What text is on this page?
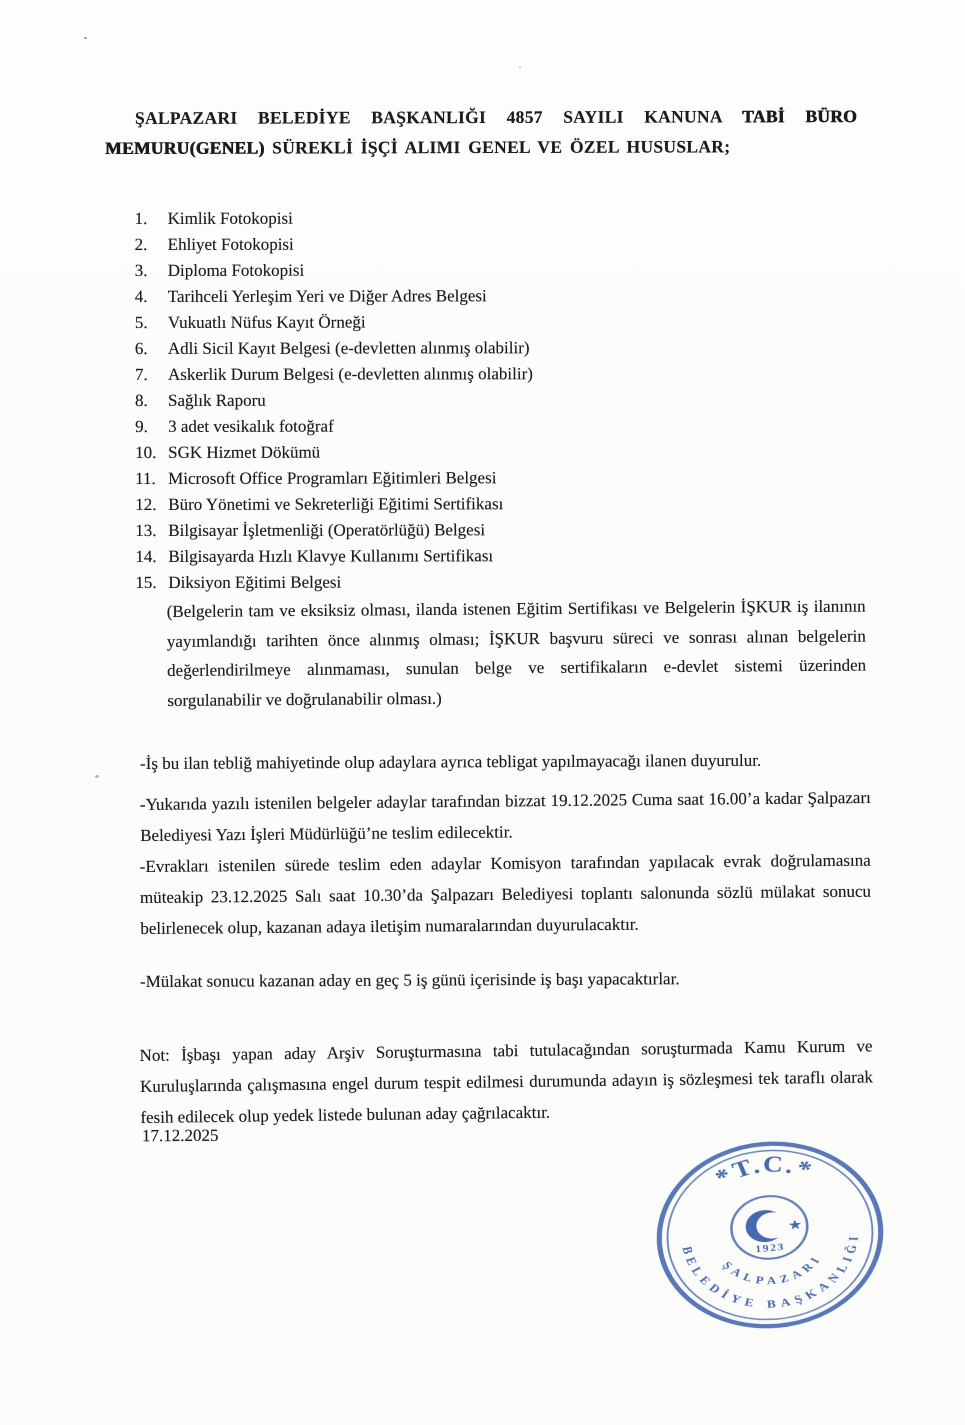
ŞALPAZARI BELEDİYE BAŞKANLIĞI 4857 SAYILI KANUNA TABİ BÜRO MEMURU(GENEL) SÜREKLİ İŞÇİ ALIMI GENEL VE ÖZEL HUSUSLAR;
1.	Kimlik Fotokopisi
2.	Ehliyet Fotokopisi
3.	Diploma Fotokopisi
4.	Tarihceli Yerleşim Yeri ve Diğer Adres Belgesi
5.	Vukuatlı Nüfus Kayıt Örneği
6.	Adli Sicil Kayıt Belgesi (e-devletten alınmış olabilir)
7.	Askerlik Durum Belgesi (e-devletten alınmış olabilir)
8.	Sağlık Raporu
9.	3 adet vesikalık fotoğraf
10. SGK Hizmet Dökümü
11. Microsoft Office Programları Eğitimleri Belgesi
12. Büro Yönetimi ve Sekreterliği Eğitimi Sertifikası
13. Bilgisayar İşletmenliği (Operatörlüğü) Belgesi
14. Bilgisayarda Hızlı Klavye Kullanımı Sertifikası
15. Diksiyon Eğitimi Belgesi
(Belgelerin tam ve eksiksiz olması, ilanda istenen Eğitim Sertifikası ve Belgelerin İŞKUR iş ilanının yayımlandığı tarihten önce alınmış olması; İŞKUR başvuru süreci ve sonrası alınan belgelerin değerlendirilmeye alınmaması, sunulan belge ve sertifikaların e-devlet sistemi üzerinden sorgulanabilir ve doğrulanabilir olması.)
-İş bu ilan tebliğ mahiyetinde olup adaylara ayrıca tebligat yapılmayacağı ilanen duyurulur.
-Yukarıda yazılı istenilen belgeler adaylar tarafından bizzat 19.12.2025 Cuma saat 16.00’a kadar Şalpazarı Belediyesi Yazı İşleri Müdürlüğü’ne teslim edilecektir.
-Evrakları istenilen sürede teslim eden adaylar Komisyon tarafından yapılacak evrak doğrulamasına müteakip 23.12.2025 Salı saat 10.30’da Şalpazarı Belediyesi toplantı salonunda sözlü mülakat sonucu belirlenecek olup, kazanan adaya iletişim numaralarından duyurulacaktır.
-Mülakat sonucu kazanan aday en geç 5 iş günü içerisinde iş başı yapacaktırlar.
Not: İşbaşı yapan aday Arşiv Soruşturmasına tabi tutulacağından soruşturmada Kamu Kurum ve Kuruluşlarında çalışmasına engel durum tespit edilmesi durumunda adayın iş sözleşmesi tek taraflı olarak fesih edilecek olup yedek listede bulunan aday çağrılacaktır.
17.12.2025
*T.C.*
★
1923
ŞALPAZARI
BELEDİYE BAŞKANLIĞI
